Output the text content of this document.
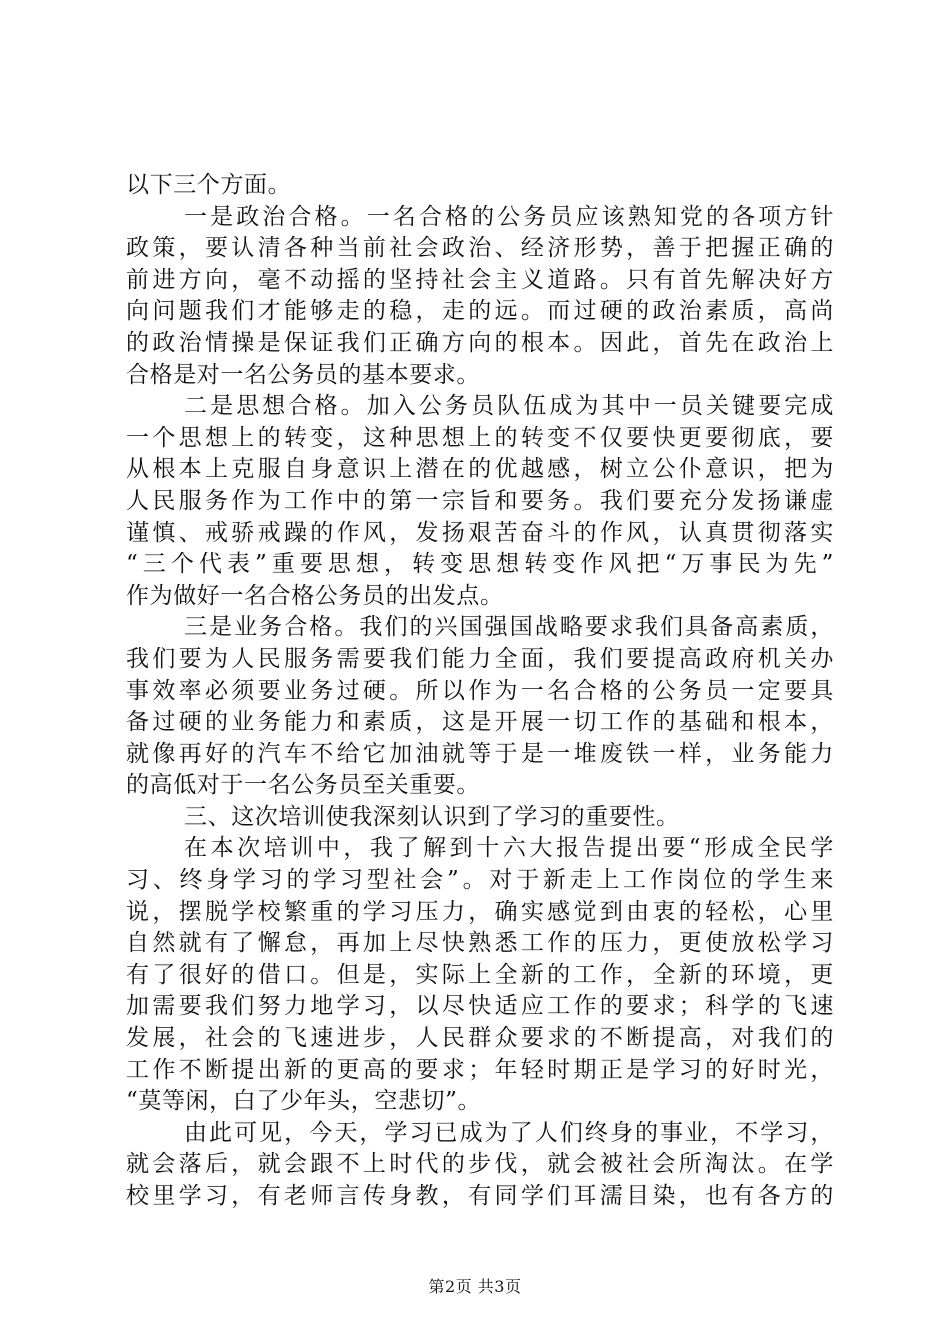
以下三个方面。
一是政治合格。一名合格的公务员应该熟知党的各项方针
政策，要认清各种当前社会政治、经济形势，善于把握正确的
前进方向，毫不动摇的坚持社会主义道路。只有首先解决好方
向问题我们才能够走的稳，走的远。而过硬的政治素质，高尚
的政治情操是保证我们正确方向的根本。因此，首先在政治上
合格是对一名公务员的基本要求。
二是思想合格。加入公务员队伍成为其中一员关键要完成
一个思想上的转变，这种思想上的转变不仅要快更要彻底，要
从根本上克服自身意识上潜在的优越感，树立公仆意识，把为
人民服务作为工作中的第一宗旨和要务。我们要充分发扬谦虚
谨慎、戒骄戒躁的作风，发扬艰苦奋斗的作风，认真贯彻落实
“三个代表”重要思想，转变思想转变作风把“万事民为先”
作为做好一名合格公务员的出发点。
三是业务合格。我们的兴国强国战略要求我们具备高素质，
我们要为人民服务需要我们能力全面，我们要提高政府机关办
事效率必须要业务过硬。所以作为一名合格的公务员一定要具
备过硬的业务能力和素质，这是开展一切工作的基础和根本，
就像再好的汽车不给它加油就等于是一堆废铁一样，业务能力
的高低对于一名公务员至关重要。
三、这次培训使我深刻认识到了学习的重要性。
在本次培训中，我了解到十六大报告提出要“形成全民学
习、终身学习的学习型社会”。对于新走上工作岗位的学生来
说，摆脱学校繁重的学习压力，确实感觉到由衷的轻松，心里
自然就有了懈怠，再加上尽快熟悉工作的压力，更使放松学习
有了很好的借口。但是，实际上全新的工作，全新的环境，更
加需要我们努力地学习，以尽快适应工作的要求；科学的飞速
发展，社会的飞速进步，人民群众要求的不断提高，对我们的
工作不断提出新的更高的要求；年轻时期正是学习的好时光，
“莫等闲，白了少年头，空悲切”。
由此可见，今天，学习已成为了人们终身的事业，不学习，
就会落后，就会跟不上时代的步伐，就会被社会所淘汰。在学
校里学习，有老师言传身教，有同学们耳濡目染，也有各方的
第2页 共3页
